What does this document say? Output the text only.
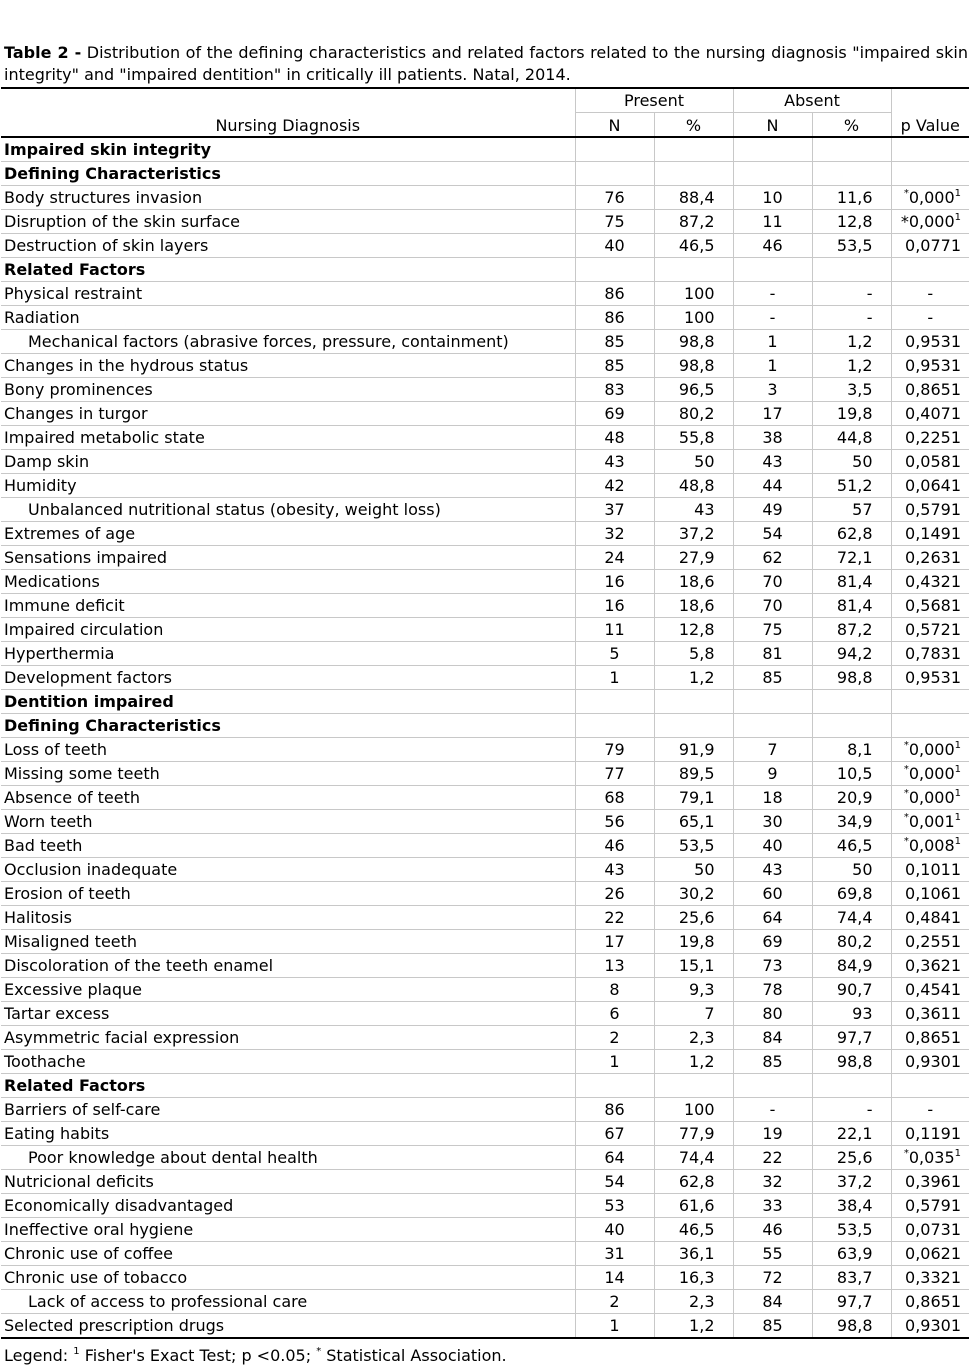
Table 2 - Distribution of the defining characteristics and related factors related to the nursing diagnosis "impaired skin integrity" and "impaired dentition" in critically ill patients. Natal, 2014.
	Present		Absent		
Nursing Diagnosis	N	%	N	%	p Value
Impaired skin integrity					
Defining Characteristics					
Body structures invasion	76	88,4	10	11,6	*0,000$^1$
Disruption of the skin surface	75	87,2	11	12,8	*0,000$^1$
Destruction of skin layers	40	46,5	46	53,5	0,0771
Related Factors					
Physical restraint	86	100	-	-	-
Radiation	86	100	-	-	-
Mechanical factors (abrasive forces, pressure, containment)	85	98,8	1	1,2	0,9531
Changes in the hydrous status	85	98,8	1	1,2	0,9531
Bony prominences	83	96,5	3	3,5	0,8651
Changes in turgor	69	80,2	17	19,8	0,4071
Impaired metabolic state	48	55,8	38	44,8	0,2251
Damp skin	43	50	43	50	0,0581
Humidity	42	48,8	44	51,2	0,0641
Unbalanced nutritional status (obesity, weight loss)	37	43	49	57	0,5791
Extremes of age	32	37,2	54	62,8	0,1491
Sensations impaired	24	27,9	62	72,1	0,2631
Medications	16	18,6	70	81,4	0,4321
Immune deficit	16	18,6	70	81,4	0,5681
Impaired circulation	11	12,8	75	87,2	0,5721
Hyperthermia	5	5,8	81	94,2	0,7831
Development factors	1	1,2	85	98,8	0,9531
Dentition impaired					
Defining Characteristics					
Loss of teeth	79	91,9	7	8,1	*0,000$^1$
Missing some teeth	77	89,5	9	10,5	*0,000$^1$
Absence of teeth	68	79,1	18	20,9	*0,000$^1$
Worn teeth	56	65,1	30	34,9	*0,001$^1$
Bad teeth	46	53,5	40	46,5	*0,008$^1$
Occlusion inadequate	43	50	43	50	0,1011
Erosion of teeth	26	30,2	60	69,8	0,1061
Halitosis	22	25,6	64	74,4	0,4841
Misaligned teeth	17	19,8	69	80,2	0,2551
Discoloration of the teeth enamel	13	15,1	73	84,9	0,3621
Excessive plaque	8	9,3	78	90,7	0,4541
Tartar excess	6	7	80	93	0,3611
Asymmetric facial expression	2	2,3	84	97,7	0,8651
Toothache	1	1,2	85	98,8	0,9301
Related Factors					
Barriers of self-care	86	100	-	-	-
Eating habits	67	77,9	19	22,1	0,1191
Poor knowledge about dental health	64	74,4	22	25,6	*0,035$^1$
Nutricional deficits	54	62,8	32	37,2	0,3961
Economically disadvantaged	53	61,6	33	38,4	0,5791
Ineffective oral hygiene	40	46,5	46	53,5	0,0731
Chronic use of coffee	31	36,1	55	63,9	0,0621
Chronic use of tobacco	14	16,3	72	83,7	0,3321
Lack of access to professional care	2	2,3	84	97,7	0,8651
Selected prescription drugs	1	1,2	85	98,8	0,9301
Legend: $^1$ Fisher's Exact Test; p <0.05; * Statistical Association.
